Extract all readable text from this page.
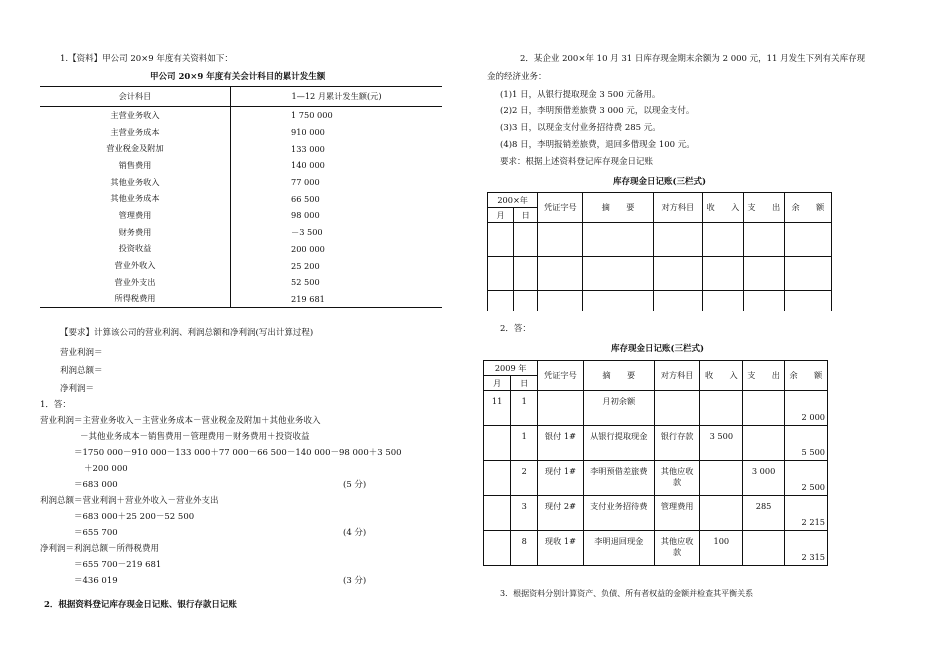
1.【资料】甲公司 20×9 年度有关资料如下：
甲公司 20×9 年度有关会计科目的累计发生额
会计科目	1—12 月累计发生额(元)
主营业务收入	1 750 000
主营业务成本	910 000
营业税金及附加	133 000
销售费用	140 000
其他业务收入	77 000
其他业务成本	66 500
管理费用	98 000
财务费用	－3 500
投资收益	200 000
营业外收入	25 200
营业外支出	52 500
所得税费用	219 681
【要求】计算该公司的营业利润、利润总额和净利润(写出计算过程)
营业利润＝
利润总额＝
净利润＝
1．答：
营业利润＝主营业务收入－主营业务成本－营业税金及附加＋其他业务收入
－其他业务成本－销售费用－管理费用－财务费用＋投资收益
＝1750 000－910 000－133 000＋77 000－66 500－140 000－98 000＋3 500
＋200 000
＝683 000	(5 分)
利润总额＝营业利润＋营业外收入－营业外支出
＝683 000＋25 200－52 500
＝655 700	(4 分)
净利润＝利润总额－所得税费用
＝655 700－219 681
＝436 019	(3 分)
2．根据资料登记库存现金日记账、银行存款日记账
2．某企业 200×年 10 月 31 日库存现金期末余额为 2 000 元，11 月发生下列有关库存现
金的经济业务：
(1)1 日，从银行提取现金 3 500 元备用。
(2)2 日，李明预借差旅费 3 000 元，以现金支付。
(3)3 日，以现金支付业务招待费 285 元。
(4)8 日，李明报销差旅费，退回多借现金 100 元。
要求：根据上述资料登记库存现金日记账
库存现金日记账(三栏式)
200×年		凭证字号	摘　　要	对方科目	收　　入	支　　出	余　　额
月	日						

2．答：
库存现金日记账(三栏式)
2009 年		凭证字号	摘　　要	对方科目	收　　入	支　　出	余　　额
月	日						
11	1		月初余额				2 000
	1	银付 1#	从银行提取现金	银行存款	3 500		5 500
	2	现付 1#	李明预借差旅费	其他应收款		3 000	2 500
	3	现付 2#	支付业务招待费	管理费用		285	2 215
	8	现收 1#	李明退回现金	其他应收款	100		2 315
3．根据资料分别计算资产、负债、所有者权益的金额并检查其平衡关系
